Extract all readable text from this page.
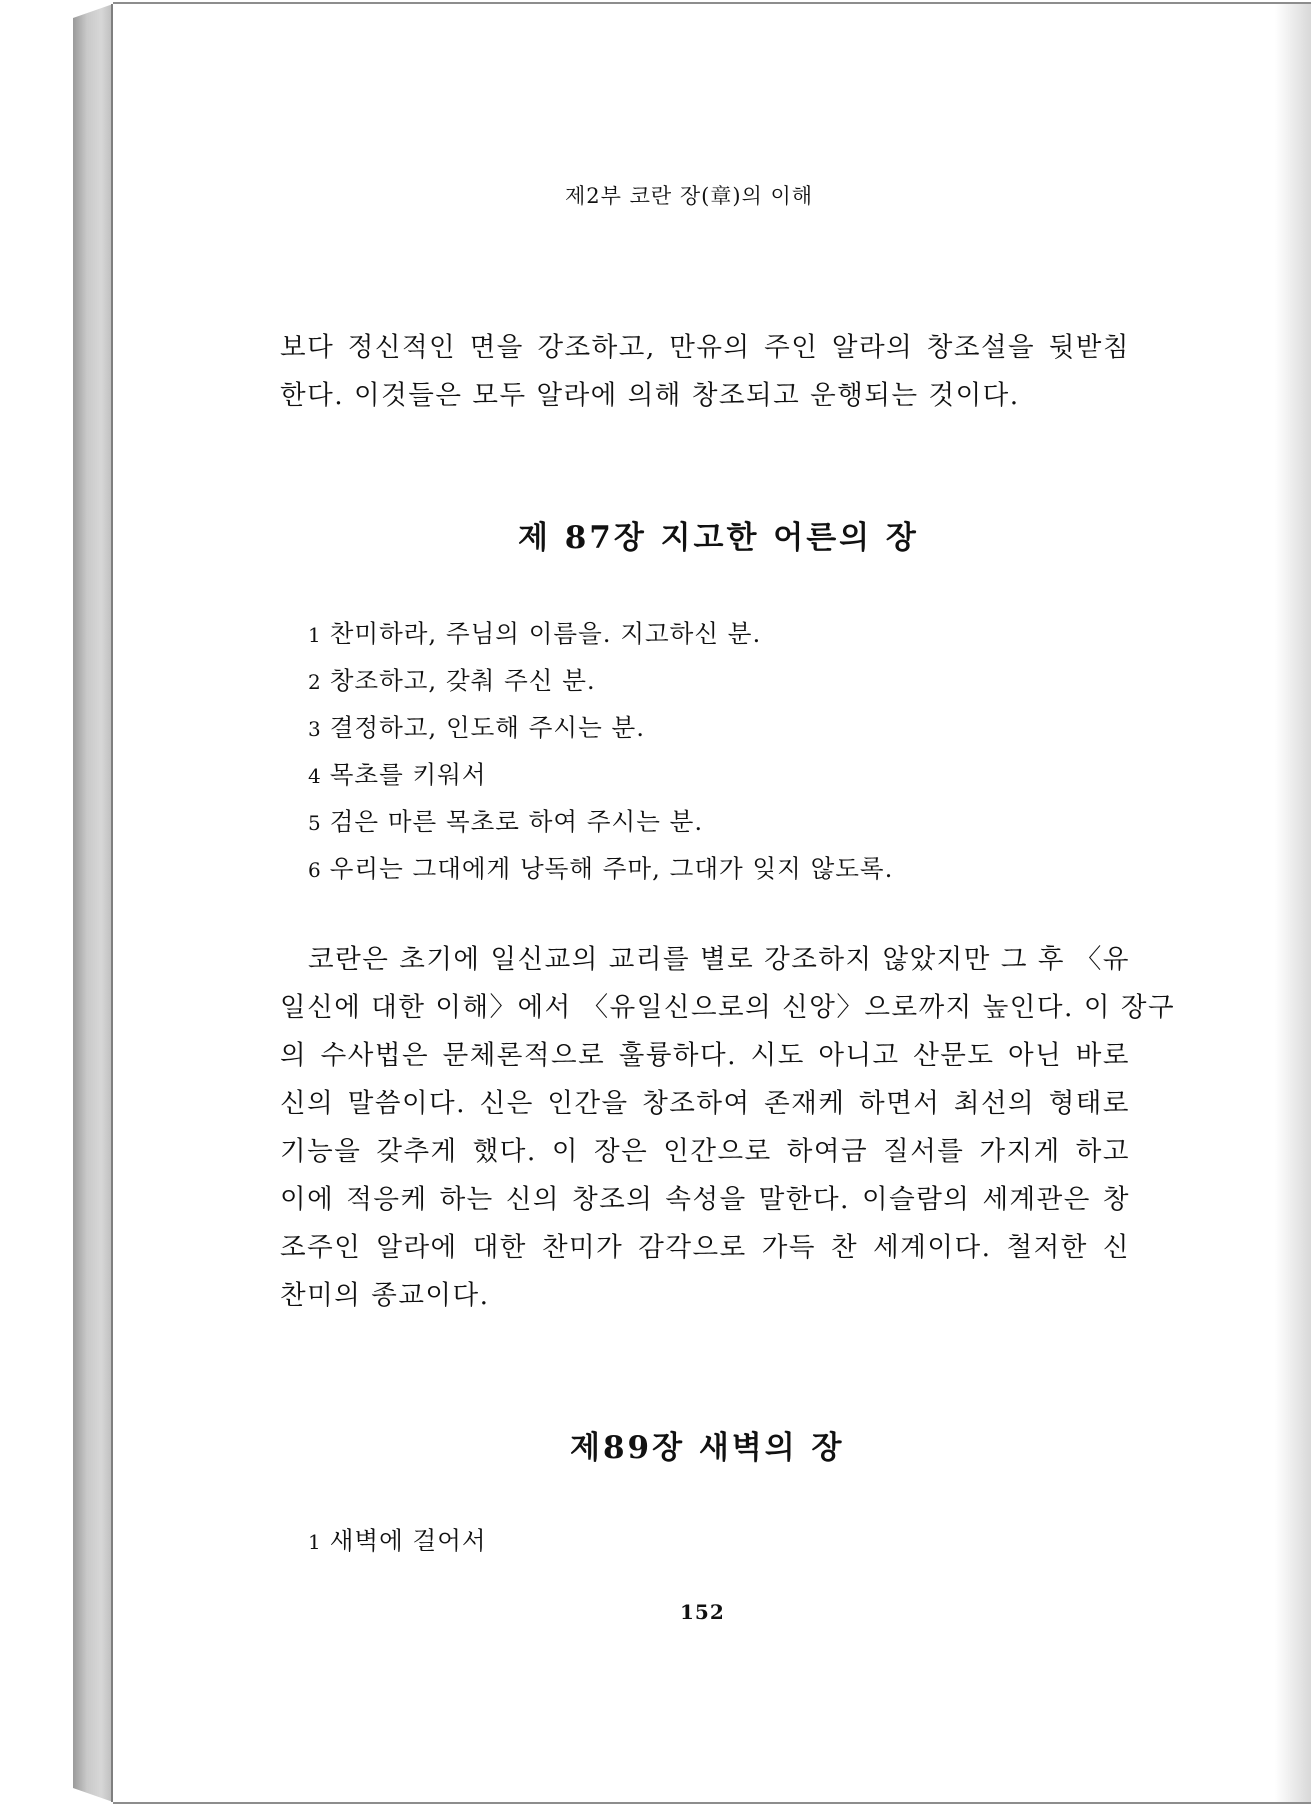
제2부 코란 장(章)의 이해
보다 정신적인 면을 강조하고, 만유의 주인 알라의 창조설을 뒷받침
한다. 이것들은 모두 알라에 의해 창조되고 운행되는 것이다.
제 87장 지고한 어른의 장
1 찬미하라, 주님의 이름을. 지고하신 분.
2 창조하고, 갖춰 주신 분.
3 결정하고, 인도해 주시는 분.
4 목초를 키워서
5 검은 마른 목초로 하여 주시는 분.
6 우리는 그대에게 낭독해 주마, 그대가 잊지 않도록.
코란은 초기에 일신교의 교리를 별로 강조하지 않았지만 그 후 〈유
일신에 대한 이해〉에서 〈유일신으로의 신앙〉으로까지 높인다. 이 장구
의 수사법은 문체론적으로 훌륭하다. 시도 아니고 산문도 아닌 바로
신의 말씀이다. 신은 인간을 창조하여 존재케 하면서 최선의 형태로
기능을 갖추게 했다. 이 장은 인간으로 하여금 질서를 가지게 하고
이에 적응케 하는 신의 창조의 속성을 말한다. 이슬람의 세계관은 창
조주인 알라에 대한 찬미가 감각으로 가득 찬 세계이다. 철저한 신
찬미의 종교이다.
제89장 새벽의 장
1 새벽에 걸어서
152
